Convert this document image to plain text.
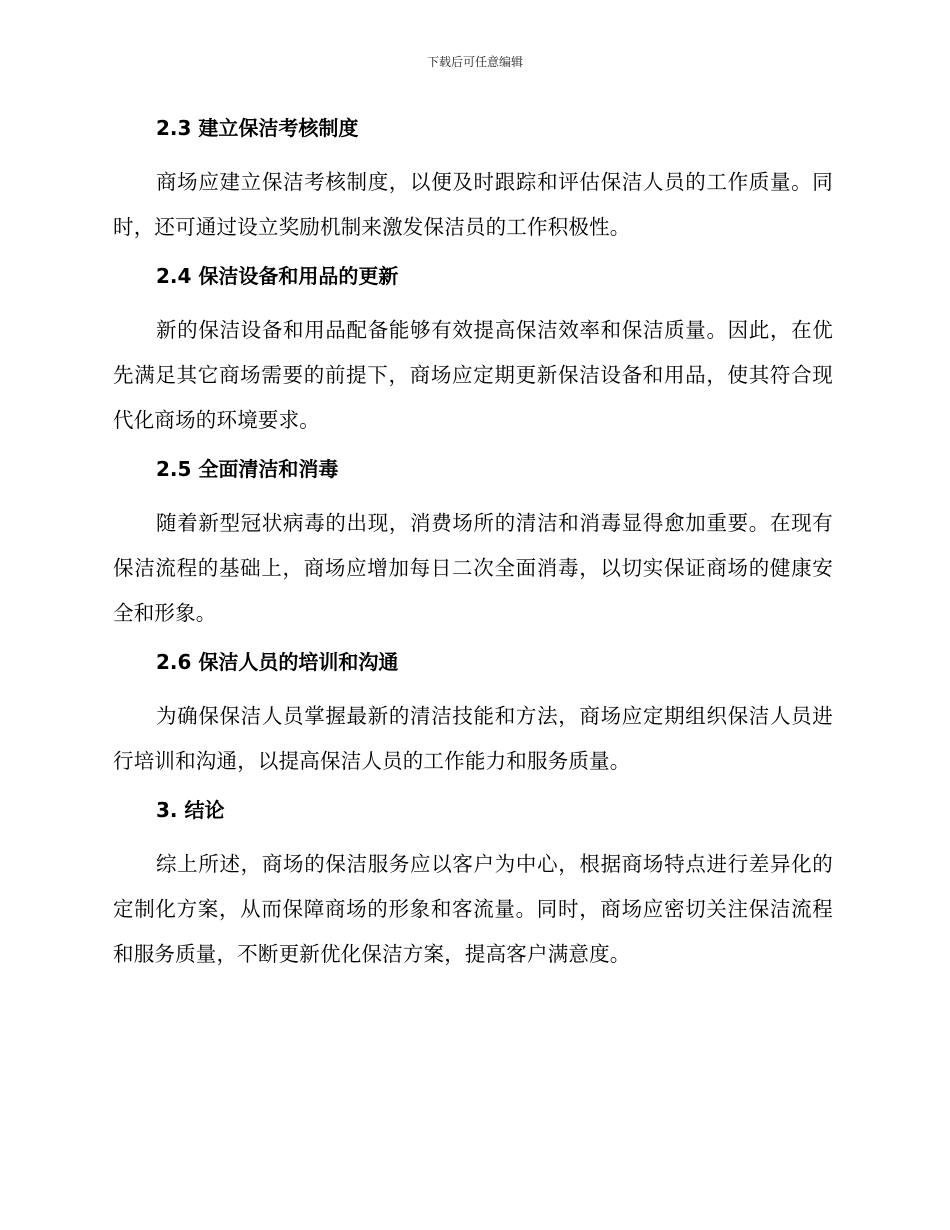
下载后可任意编辑
2.3 建立保洁考核制度

商场应建立保洁考核制度，以便及时跟踪和评估保洁人员的工作质量。同时，还可通过设立奖励机制来激发保洁员的工作积极性。

2.4 保洁设备和用品的更新

新的保洁设备和用品配备能够有效提高保洁效率和保洁质量。因此，在优先满足其它商场需要的前提下，商场应定期更新保洁设备和用品，使其符合现代化商场的环境要求。

2.5 全面清洁和消毒

随着新型冠状病毒的出现，消费场所的清洁和消毒显得愈加重要。在现有保洁流程的基础上，商场应增加每日二次全面消毒，以切实保证商场的健康安全和形象。

2.6 保洁人员的培训和沟通

为确保保洁人员掌握最新的清洁技能和方法，商场应定期组织保洁人员进行培训和沟通，以提高保洁人员的工作能力和服务质量。

3. 结论

综上所述，商场的保洁服务应以客户为中心，根据商场特点进行差异化的定制化方案，从而保障商场的形象和客流量。同时，商场应密切关注保洁流程和服务质量，不断更新优化保洁方案，提高客户满意度。
